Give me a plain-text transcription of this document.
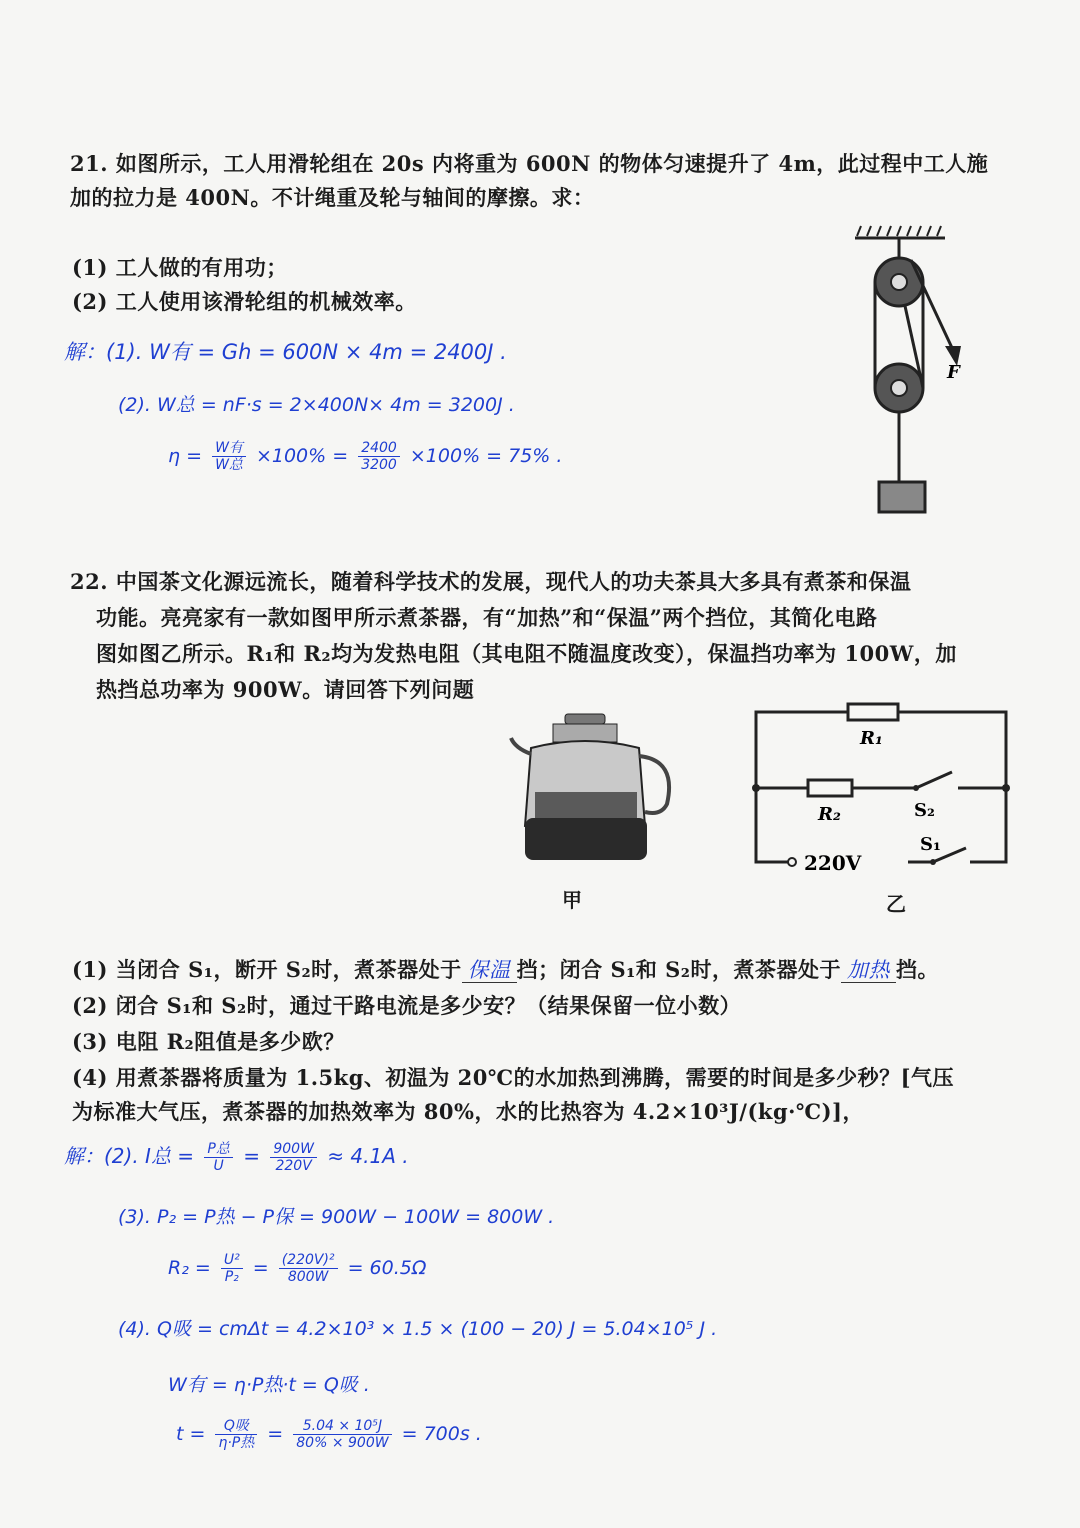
21. 如图所示，工人用滑轮组在 20s 内将重为 600N 的物体匀速提升了 4m，此过程中工人施
加的拉力是 400N。不计绳重及轮与轴间的摩擦。求：
(1) 工人做的有用功；
(2) 工人使用该滑轮组的机械效率。
解：(1). W有 = Gh = 600N × 4m = 2400J .
(2). W总 = nF·s = 2×400N× 4m = 3200J .
$\eta = \frac{\text{W有}}{\text{W总}} \times 100\% = \frac{2400}{3200} \times 100\% = 75\%$ .
F
22. 中国茶文化源远流长，随着科学技术的发展，现代人的功夫茶具大多具有煮茶和保温
功能。亮亮家有一款如图甲所示煮茶器，有“加热”和“保温”两个挡位，其简化电路
图如图乙所示。R₁和 R₂均为发热电阻（其电阻不随温度改变），保温挡功率为 100W，加
热挡总功率为 900W。请回答下列问题
甲
R₁
R₂	S₂
S₁
220V
乙
(1) 当闭合 S₁，断开 S₂时，煮茶器处于 保温 挡；闭合 S₁和 S₂时，煮茶器处于 加热 挡。
(2) 闭合 S₁和 S₂时，通过干路电流是多少安？（结果保留一位小数）
(3) 电阻 R₂阻值是多少欧？
(4) 用煮茶器将质量为 1.5kg、初温为 20℃的水加热到沸腾，需要的时间是多少秒？[气压
为标准大气压，煮茶器的加热效率为 80%，水的比热容为 4.2×10³J/(kg·℃)]，
解：(2). I总 = $\frac{\text{P总}}{U} = \frac{900W}{220V} \approx 4.1A$ .
(3). P₂ = P热 − P保 = 900W − 100W = 800W .
$R_2 = \frac{\text{U²}}{\text{P₂}} = \frac{\text{(220V)²}}{800W} = 60.5\Omega$
(4). Q吸 = cmΔt = 4.2×10³ × 1.5 × (100 − 20) J = 5.04×10⁵ J .
W有 = η·P热·t = Q吸 .
$t = \frac{\text{Q吸}}{\text{η·P热}} = \frac{\text{5.04 × 10⁵J}}{80\% \times 900W} = 700s$ .
